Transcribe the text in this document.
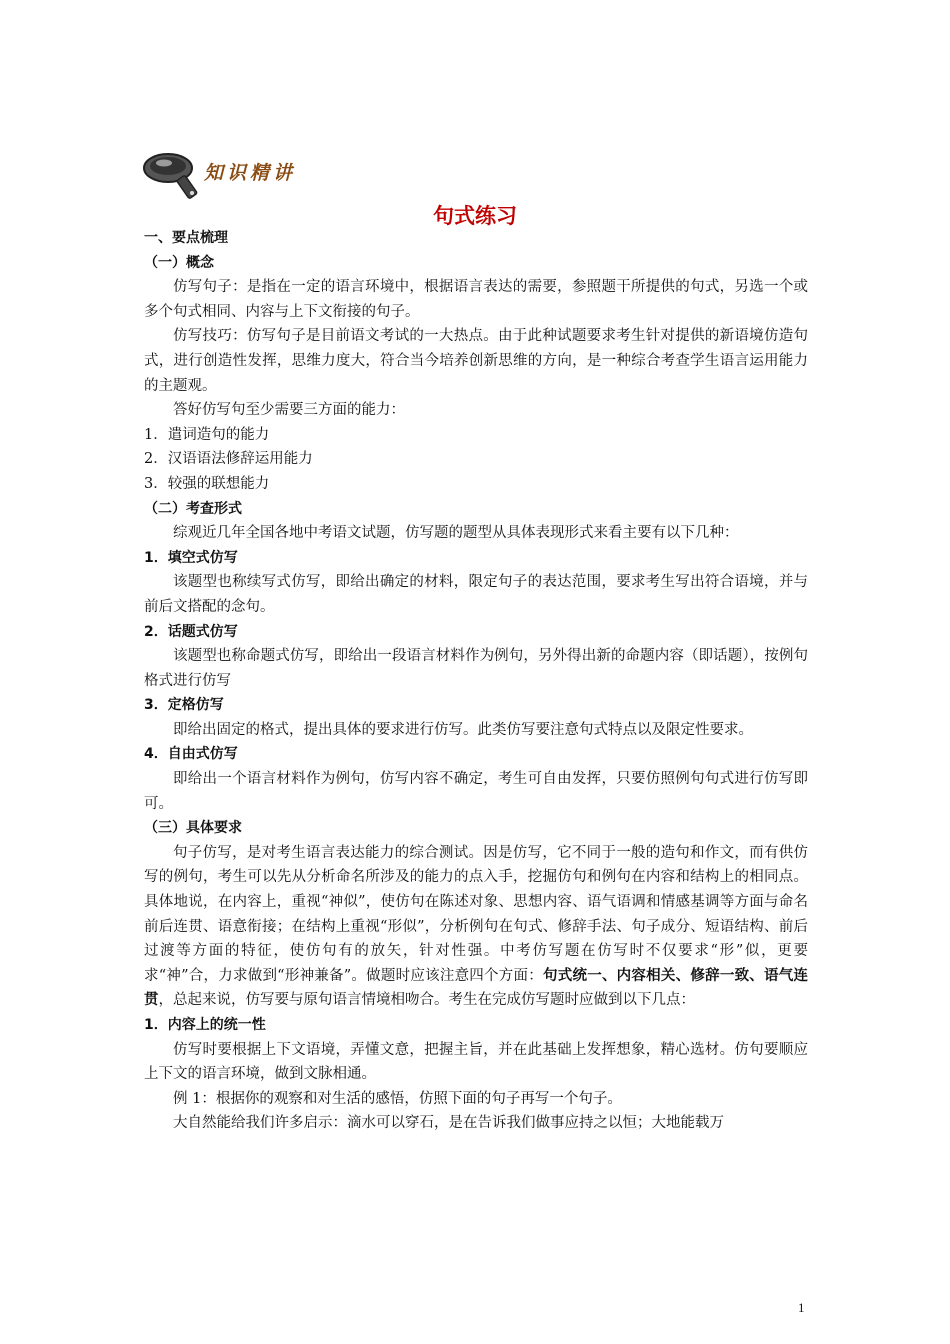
知识精讲
句式练习

一、要点梳理

（一）概念

仿写句子：是指在一定的语言环境中，根据语言表达的需要，参照题干所提供的句式，另选一个或多个句式相同、内容与上下文衔接的句子。

仿写技巧：仿写句子是目前语文考试的一大热点。由于此种试题要求考生针对提供的新语境仿造句式，进行创造性发挥，思维力度大，符合当今培养创新思维的方向，是一种综合考查学生语言运用能力的主题观。

答好仿写句至少需要三方面的能力：

1．遣词造句的能力

2．汉语语法修辞运用能力

3．较强的联想能力

（二）考查形式

综观近几年全国各地中考语文试题，仿写题的题型从具体表现形式来看主要有以下几种：

1．填空式仿写

该题型也称续写式仿写，即给出确定的材料，限定句子的表达范围，要求考生写出符合语境，并与前后文搭配的念句。

2．话题式仿写

该题型也称命题式仿写，即给出一段语言材料作为例句，另外得出新的命题内容（即话题），按例句格式进行仿写

3．定格仿写

即给出固定的格式，提出具体的要求进行仿写。此类仿写要注意句式特点以及限定性要求。

4．自由式仿写

即给出一个语言材料作为例句，仿写内容不确定，考生可自由发挥，只要仿照例句句式进行仿写即可。

（三）具体要求

句子仿写，是对考生语言表达能力的综合测试。因是仿写，它不同于一般的造句和作文，而有供仿写的例句，考生可以先从分析命名所涉及的能力的点入手，挖掘仿句和例句在内容和结构上的相同点。具体地说，在内容上，重视“神似”，使仿句在陈述对象、思想内容、语气语调和情感基调等方面与命名前后连贯、语意衔接；在结构上重视“形似”，分析例句在句式、修辞手法、句子成分、短语结构、前后过渡等方面的特征，使仿句有的放矢，针对性强。中考仿写题在仿写时不仅要求“形”似，更要求“神”合，力求做到“形神兼备”。做题时应该注意四个方面：句式统一、内容相关、修辞一致、语气连贯，总起来说，仿写要与原句语言情境相吻合。考生在完成仿写题时应做到以下几点：

1．内容上的统一性

仿写时要根据上下文语境，弄懂文意，把握主旨，并在此基础上发挥想象，精心选材。仿句要顺应上下文的语言环境，做到文脉相通。

例 1：根据你的观察和对生活的感悟，仿照下面的句子再写一个句子。

大自然能给我们许多启示：滴水可以穿石，是在告诉我们做事应持之以恒；大地能载万

1
